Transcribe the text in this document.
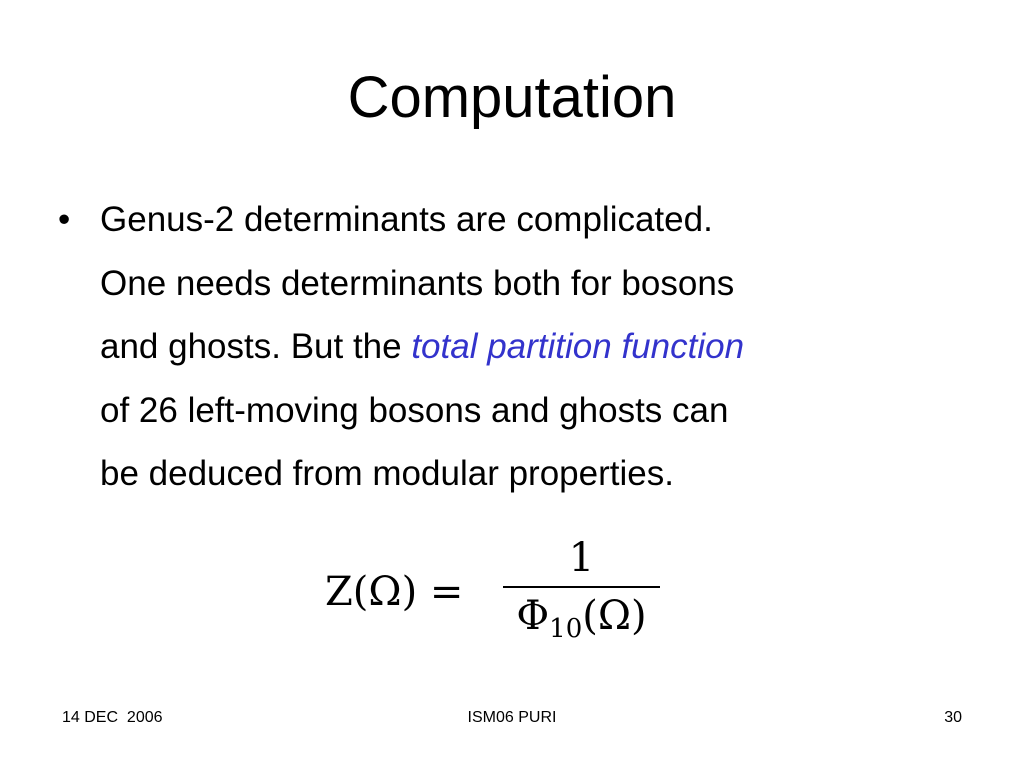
Computation
• Genus-2 determinants are complicated.
One needs determinants both for bosons
and ghosts. But the total partition function
of 26 left-moving bosons and ghosts can
be deduced from modular properties.
Z(Ω) =
1
$\Phi_{10}(\Omega)$
14 DEC  2006	ISM06 PURI	30
